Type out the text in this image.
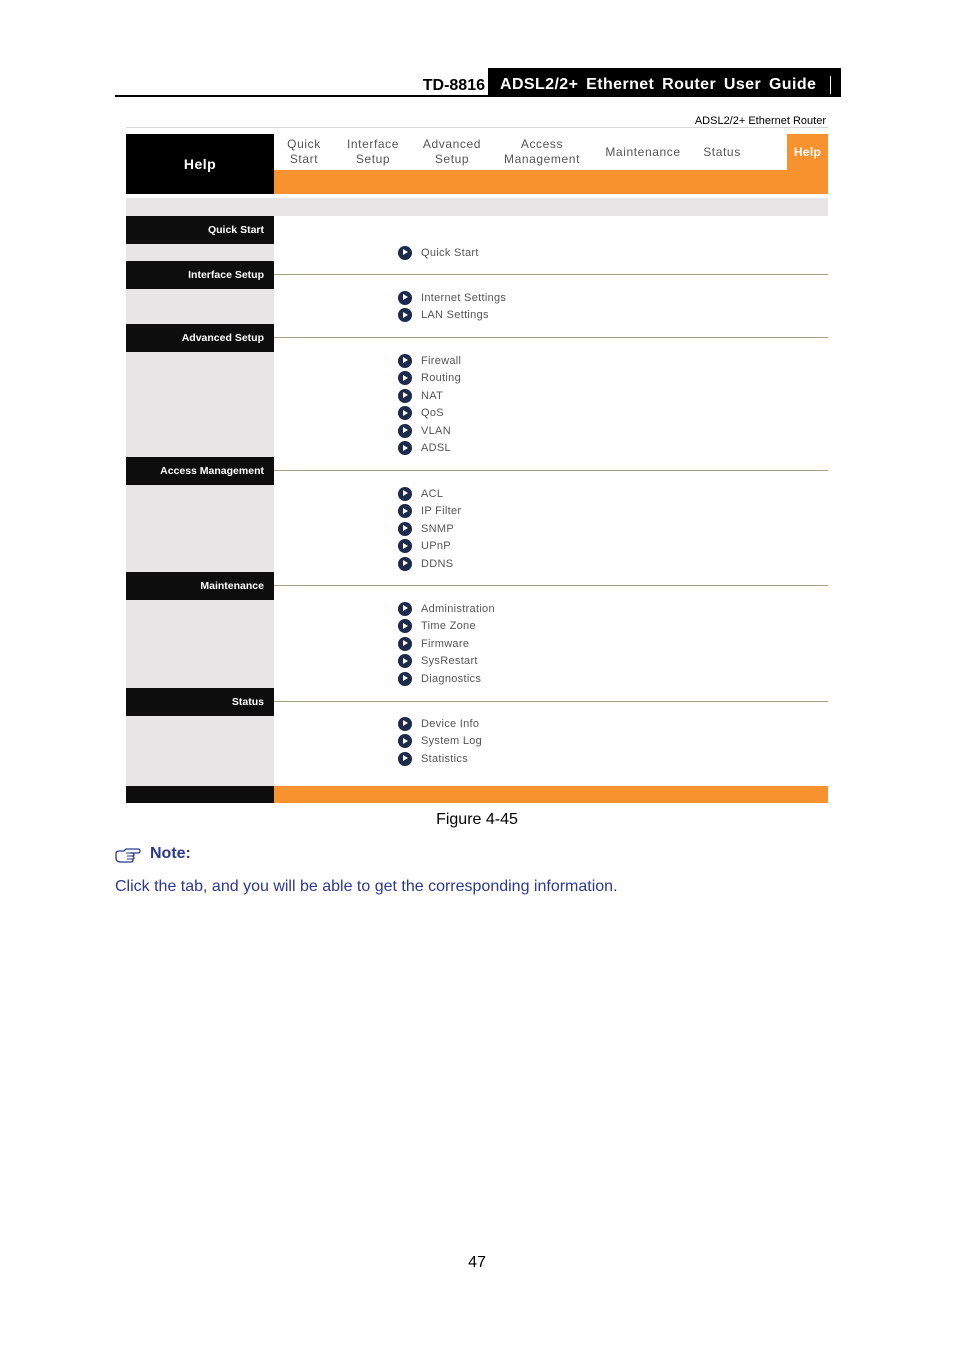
TD-8816 ADSL2/2+ Ethernet Router User Guide
ADSL2/2+ Ethernet Router
Help
Quick
Start
Interface
Setup
Advanced
Setup
Access
Management
Maintenance Status	Help
Quick Start
Quick Start
Interface Setup
Internet Settings
LAN Settings
Advanced Setup
Firewall
Routing
NAT
QoS
VLAN
ADSL
Access Management
ACL
IP Filter
SNMP
UPnP
DDNS
Maintenance
Administration
Time Zone
Firmware
SysRestart
Diagnostics
Status
Device Info
System Log
Statistics
Figure 4-45
Note:
Click the tab, and you will be able to get the corresponding information.
47
